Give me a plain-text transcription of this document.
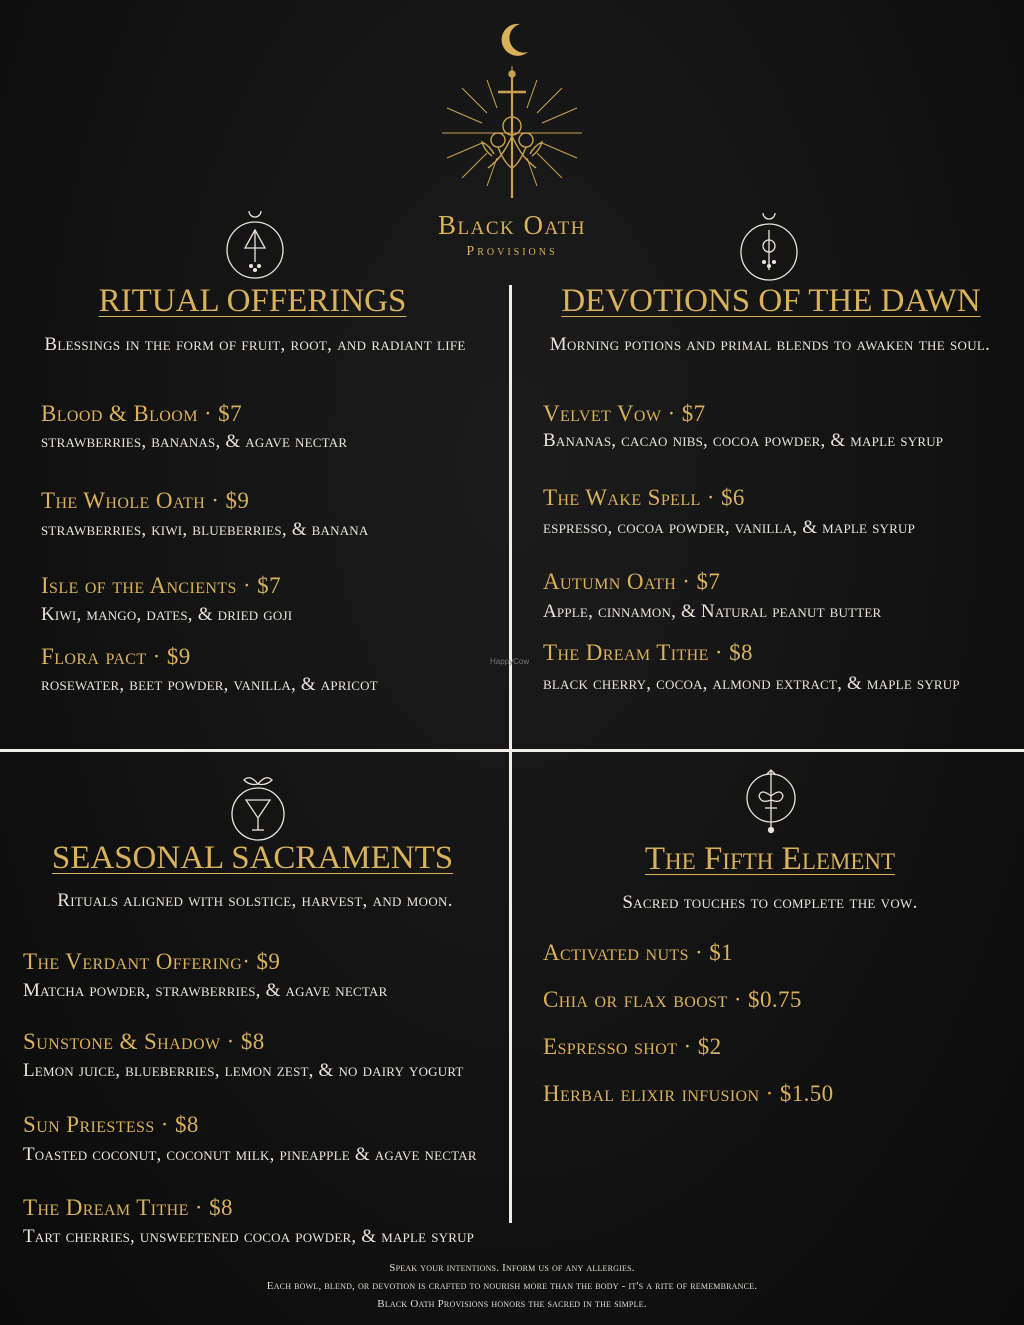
Black Oath
Provisions
RITUAL OFFERINGS
Blessings in the form of fruit, root, and radiant life
Blood & Bloom · $7
strawberries, bananas, & agave nectar
The Whole Oath · $9
strawberries, kiwi, blueberries, & banana
Isle of the Ancients · $7
Kiwi, mango, dates, & dried goji
Flora pact · $9
rosewater, beet powder, vanilla, & apricot
DEVOTIONS OF THE DAWN
Morning potions and primal blends to awaken the soul.
Velvet Vow · $7
Bananas, cacao nibs, cocoa powder, & maple syrup
The Wake Spell · $6
espresso, cocoa powder, vanilla, & maple syrup
Autumn Oath · $7
Apple, cinnamon, & Natural peanut butter
The Dream Tithe · $8
black cherry, cocoa, almond extract, & maple syrup
SEASONAL SACRAMENTS
Rituals aligned with solstice, harvest, and moon.
The Verdant Offering· $9
Matcha powder, strawberries, & agave nectar
Sunstone & Shadow · $8
Lemon juice, blueberries, lemon zest, & no dairy yogurt
Sun Priestess · $8
Toasted coconut, coconut milk, pineapple & agave nectar
The Dream Tithe · $8
Tart cherries, unsweetened cocoa powder, & maple syrup
The Fifth Element
Sacred touches to complete the vow.
Activated nuts · $1
Chia or flax boost · $0.75
Espresso shot · $2
Herbal elixir infusion · $1.50
HappyCow
Speak your intentions. Inform us of any allergies.
Each bowl, blend, or devotion is crafted to nourish more than the body - it's a rite of remembrance.
Black Oath Provisions honors the sacred in the simple.
